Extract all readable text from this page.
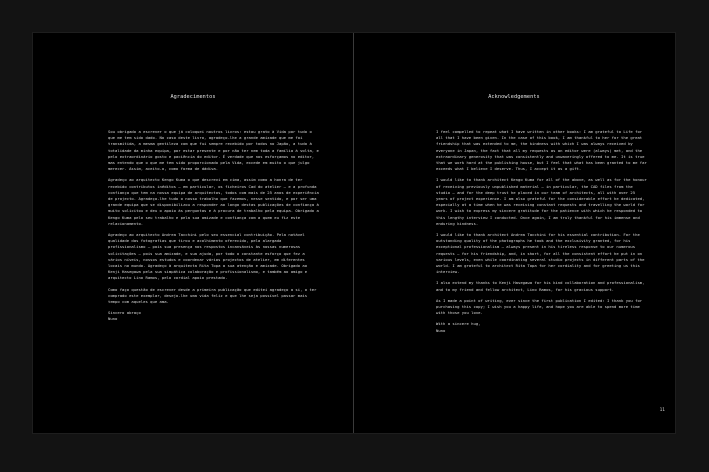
Agradecimentos

Sou obrigado a escrever o que já coloquei noutros livros: estou grato à Vida por tudo o que me tem sido dado. No caso deste livro, agradeço-lhe a grande amizade que me foi transmitida, a mesma gentileza com que fui sempre recebido por todos no Japão, a tudo à totalidade da minha equipa, por estar presente e por não ter nem toda a família à volta, e pelo extraordinário gosto e paciência do editor. É verdade que nos esforçamos no editor, mas entendo que o que me tem sido proporcionado pela Vida, excede em muito o que julgo merecer. Assim, aceito-o, como forma de dádiva.

Agradeço ao arquitecto Kengo Kuma o que descrevi em cima, assim como a honra de ter recebido contributos inéditos – em particular, os ficheiros Cad do atelier – e a profunda confiança que tem na nossa equipa de arquitectos, todos com mais de 25 anos de experiência de projecto. Agradeço-lhe tudo o nosso trabalho que fazemos, nesse sentido, e por ser uma grande equipa que se disponibilizou a responder ao longo destas publicações de confiança à muito solicitou e deu o apoio às perguntas e à procura de trabalho pela equipa. Obrigado a Kengo Kuma pelo seu trabalho e pela sua amizade e confiança com a quem eu fiz este relacionamento.

Agradeço ao arquitecto Andrea Tacchini pelo seu essencial contribuição. Pela notável qualidade das fotografias que tirou e acolhimento oferecido, pela alargada profissionalismo – pois sua presença nos respostos incansáveis às nossas numerosas solicitações – pois sua amizade, e sua ajuda, por todo o constante esforço que fez a vários níveis, nossos estudos e coordenar vários projectos de atelier, em diferentes locais no mundo. Agradeço à arquitecta Rita Topa a sua atenção e amizade. Obrigado ao Kenji Hasegawa pela sua simpática colaboração e profissionalismo, e também ao amigo e arquitecto Lino Ramos, pelo cordial apoio prestado.

Como faço questão de escrever desde a primeira publicação que editei agradeço a si, o ter comprado este exemplar, desejo-lhe uma vida feliz e que lhe seja possível passar mais tempo com aqueles que ama.

Sincero abraço
Nuno
Acknowledgements

I feel compelled to repeat what I have written in other books: I am grateful to Life for all that I have been given. In the case of this book, I am thankful to her for the great friendship that was extended to me, the kindness with which I was always received by everyone in Japan, the fact that all my requests as an editor were (always) met, and the extraordinary generosity that was consistently and unwaveringly offered to me. It is true that we work hard at the publishing house, but I feel that what has been granted to me far exceeds what I believe I deserve. Thus, I accept it as a gift.

I would like to thank architect Kengo Kuma for all of the above, as well as for the honour of receiving previously unpublished material – in particular, the CAD files from the studio – and for the deep trust he placed in our team of architects, all with over 25 years of project experience. I am also grateful for the considerable effort he dedicated, especially at a time when he was receiving constant requests and travelling the world for work. I wish to express my sincere gratitude for the patience with which he responded to this lengthy interview I conducted. Once again, I am truly thankful for his immense and enduring kindness.

I would like to thank architect Andrea Tacchini for his essential contribution. For the outstanding quality of the photographs he took and the exclusivity granted, for his exceptional professionalism – always present in his tireless response to our numerous requests – for his friendship, and, in short, for all the consistent effort he put in on various levels, even while coordinating several studio projects in different parts of the world. I am grateful to architect Rita Topa for her cordiality and for greeting us this interview.

I also extend my thanks to Kenji Hasegawa for his kind collaboration and professionalism, and to my friend and fellow architect, Lino Ramos, for his gracious support.

As I made a point of writing, ever since the first publication I edited: I thank you for purchasing this copy; I wish you a happy life, and hope you are able to spend more time with those you love.

With a sincere hug,
Nuno
11
